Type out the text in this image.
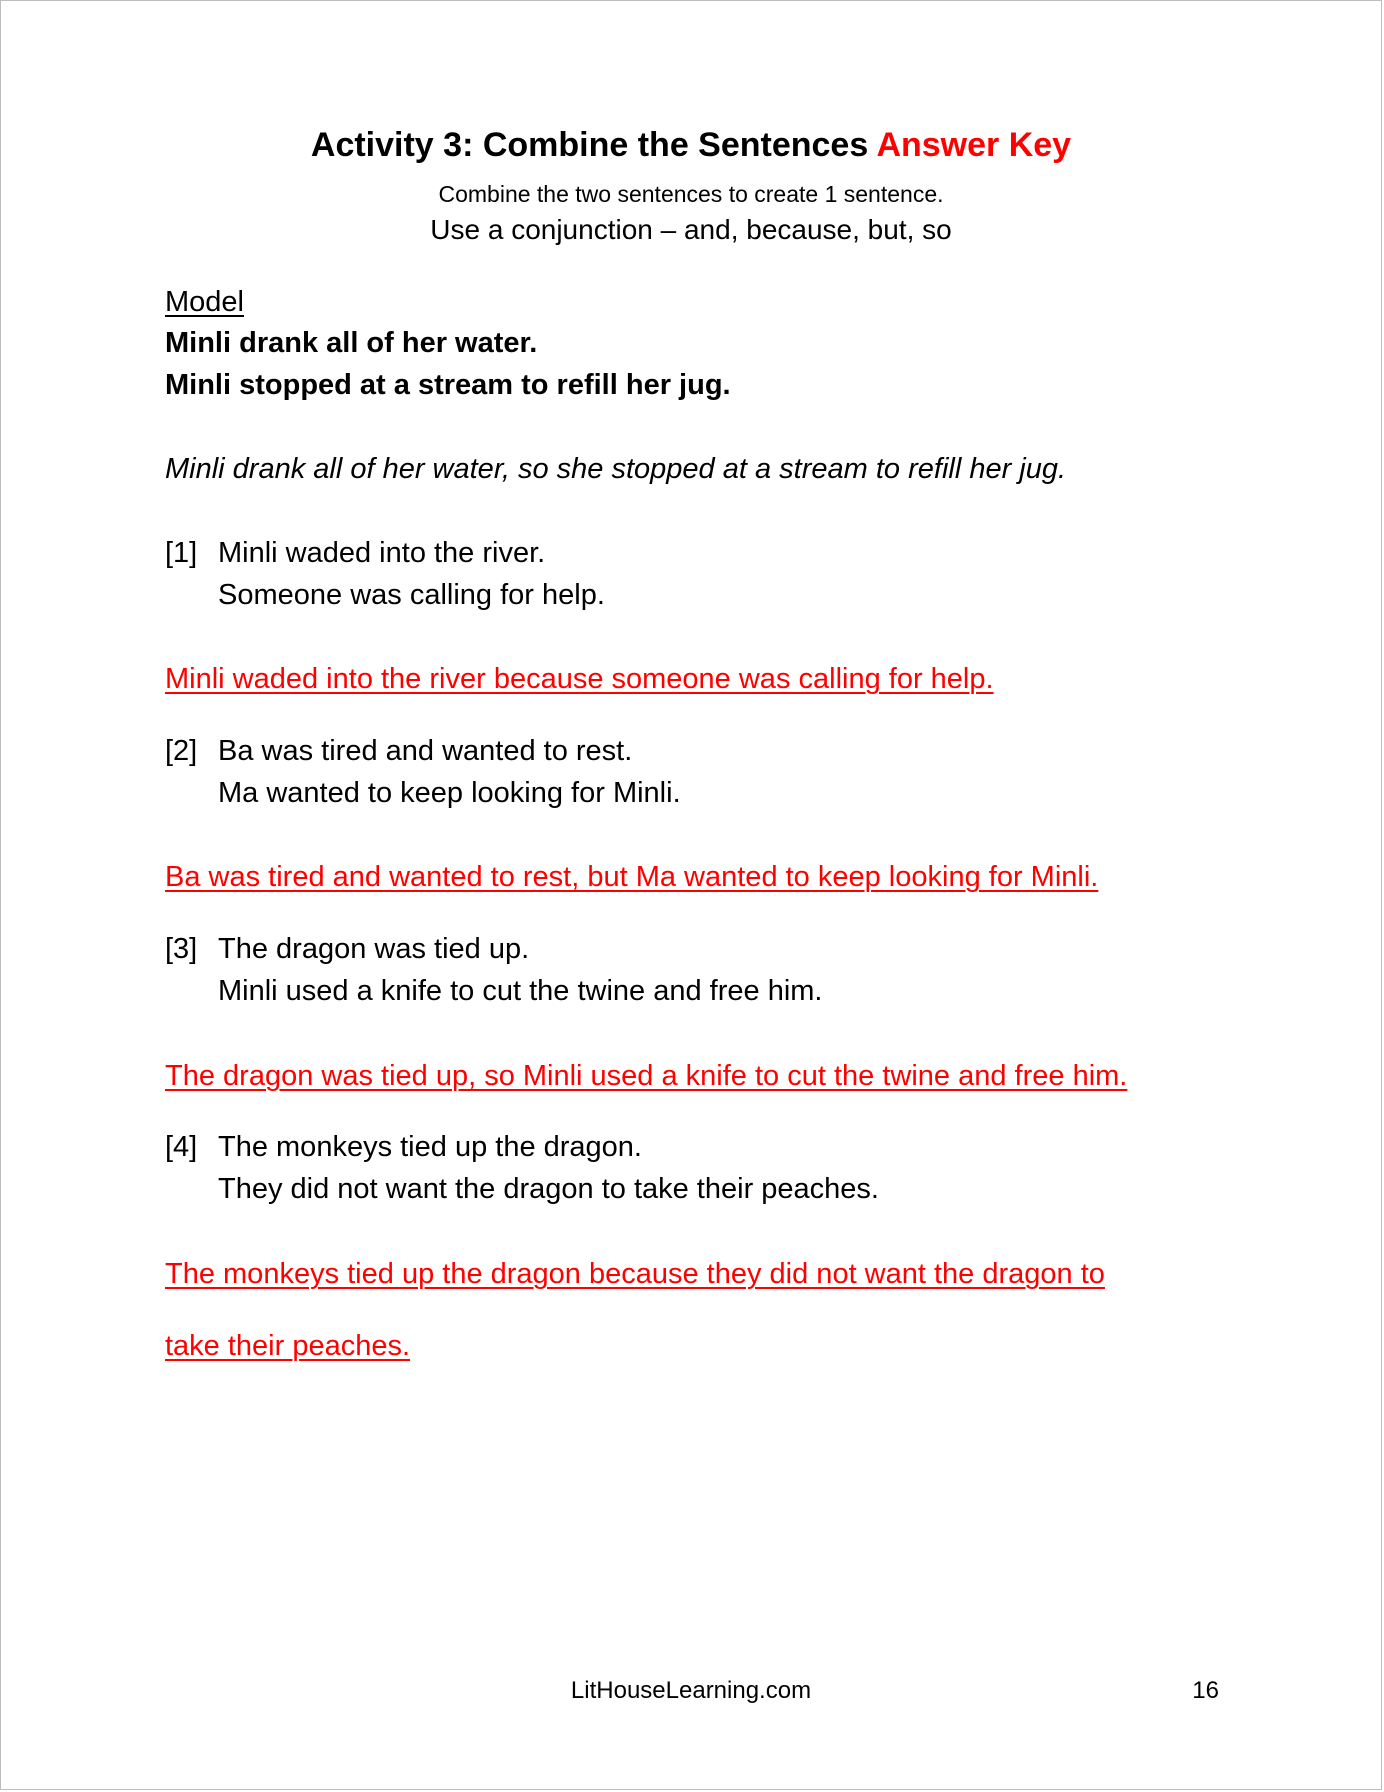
Activity 3: Combine the Sentences Answer Key
Combine the two sentences to create 1 sentence.
Use a conjunction – and, because, but, so
Model
Minli drank all of her water.
Minli stopped at a stream to refill her jug.
Minli drank all of her water, so she stopped at a stream to refill her jug.
[1] Minli waded into the river.
Someone was calling for help.
Minli waded into the river because someone was calling for help.
[2] Ba was tired and wanted to rest.
Ma wanted to keep looking for Minli.
Ba was tired and wanted to rest, but Ma wanted to keep looking for Minli.
[3] The dragon was tied up.
Minli used a knife to cut the twine and free him.
The dragon was tied up, so Minli used a knife to cut the twine and free him.
[4] The monkeys tied up the dragon.
They did not want the dragon to take their peaches.
The monkeys tied up the dragon because they did not want the dragon to
take their peaches.
LitHouseLearning.com	16
